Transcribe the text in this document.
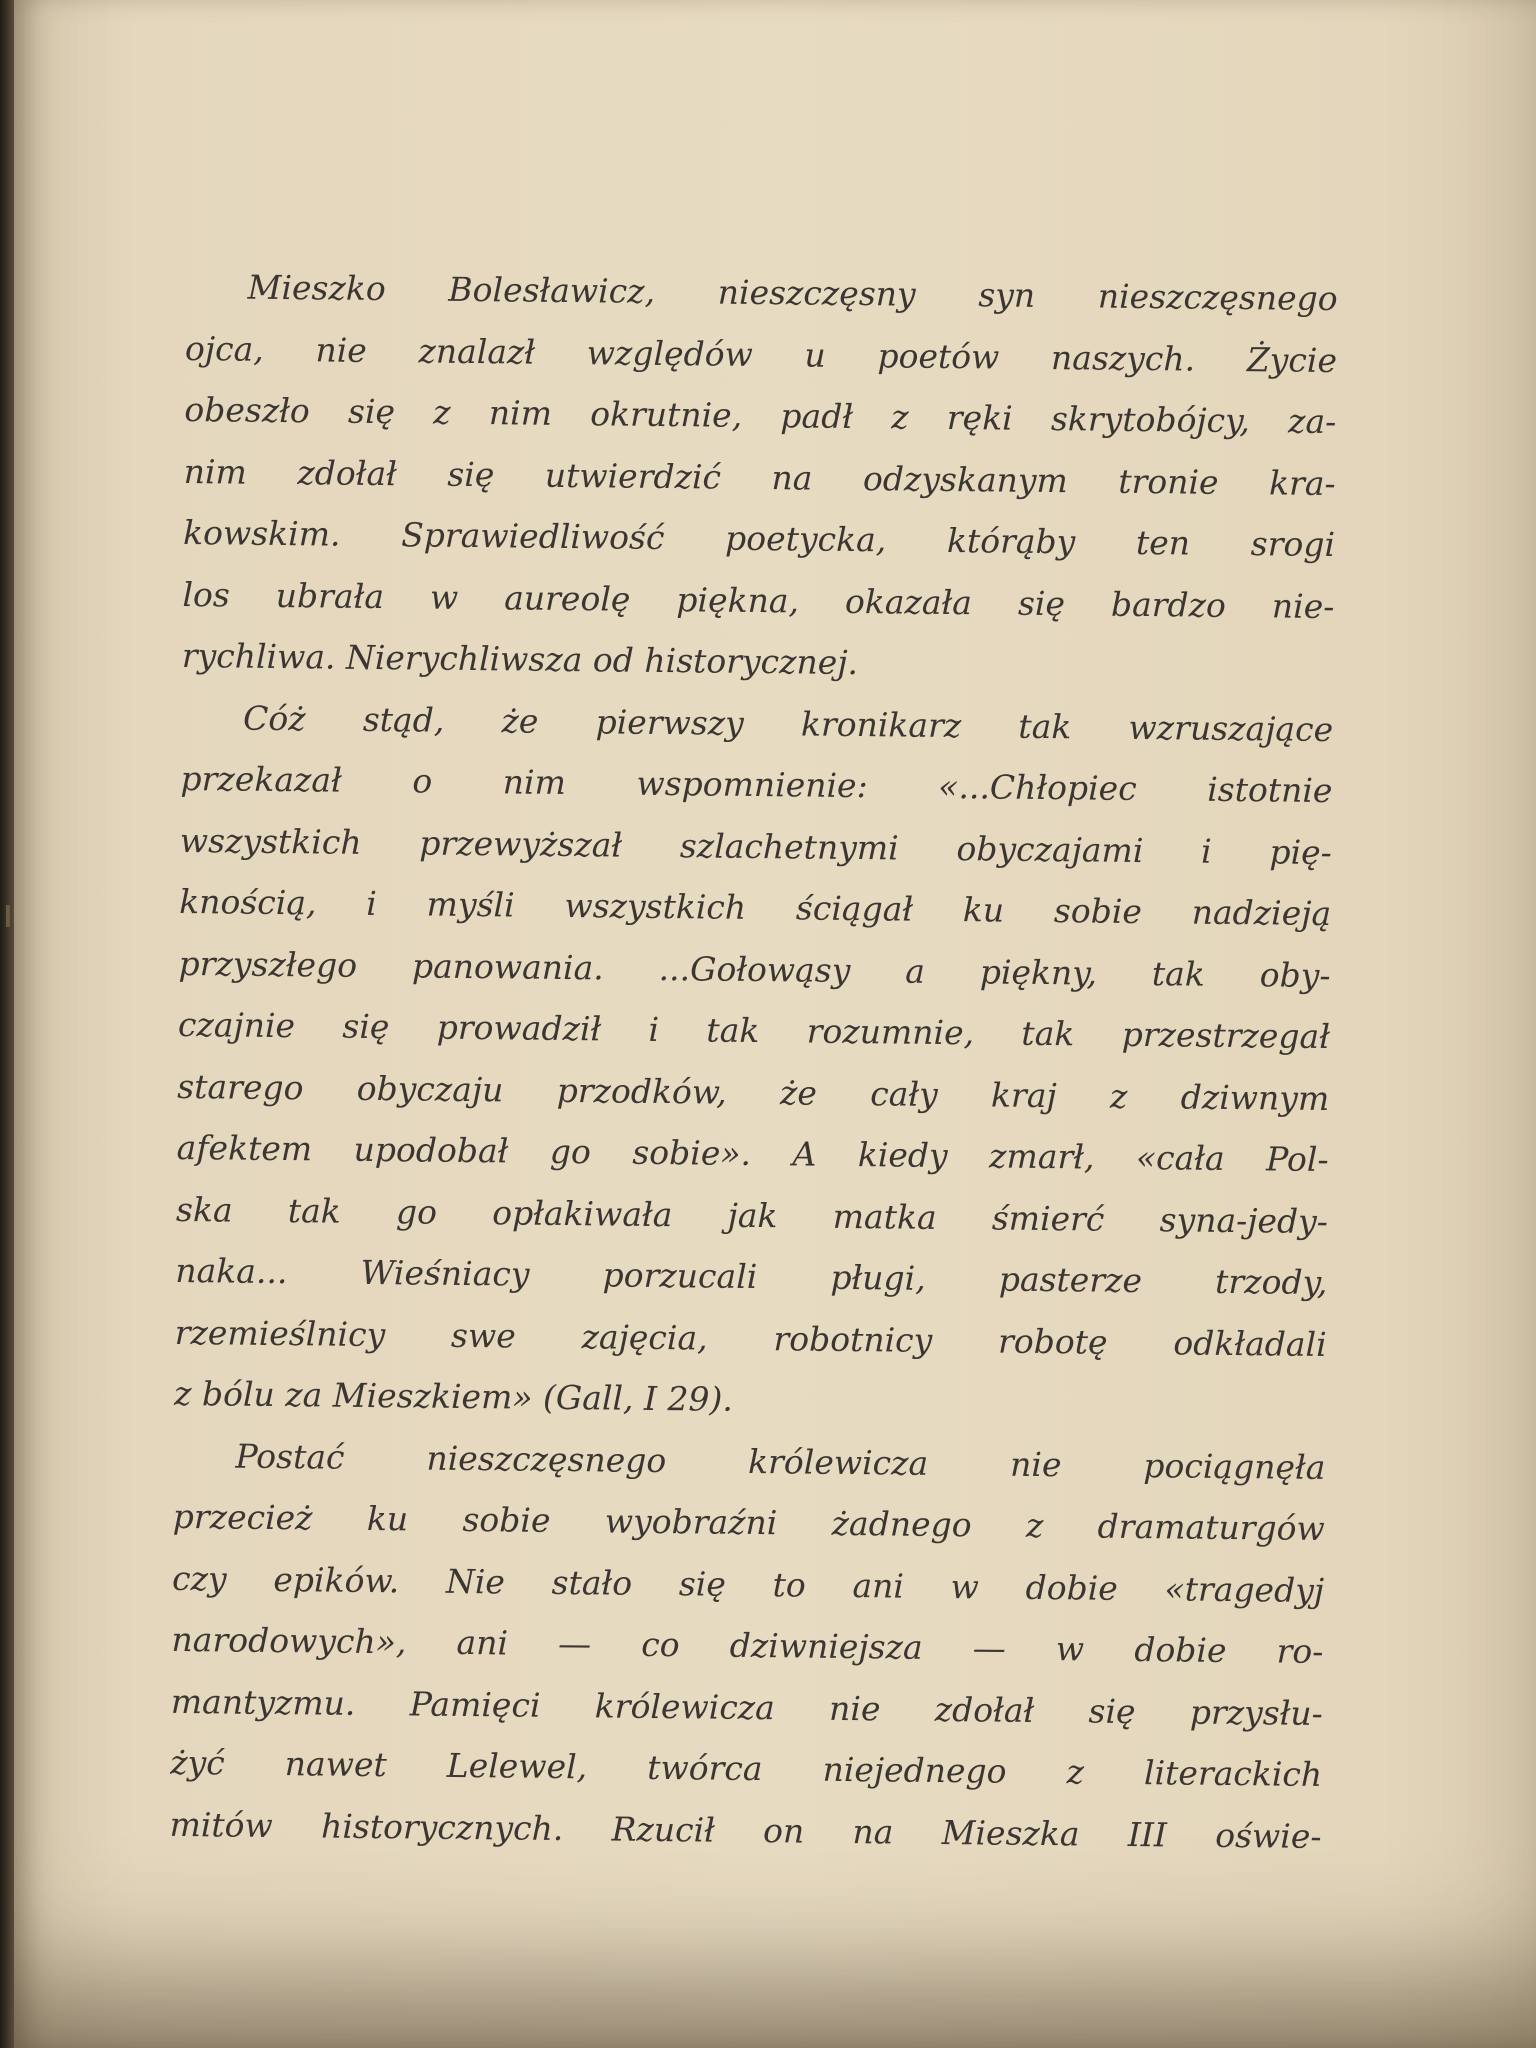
Mieszko Bolesławicz, nieszczęsny syn nieszczęsnego
ojca, nie znalazł względów u poetów naszych. Życie
obeszło się z nim okrutnie, padł z ręki skrytobójcy, za-
nim zdołał się utwierdzić na odzyskanym tronie kra-
kowskim. Sprawiedliwość poetycka, którąby ten srogi
los ubrała w aureolę piękna, okazała się bardzo nie-
rychliwa. Nierychliwsza od historycznej.
Cóż stąd, że pierwszy kronikarz tak wzruszające
przekazał o nim wspomnienie: «...Chłopiec istotnie
wszystkich przewyższał szlachetnymi obyczajami i pię-
knością, i myśli wszystkich ściągał ku sobie nadzieją
przyszłego panowania. ...Gołowąsy a piękny, tak oby-
czajnie się prowadził i tak rozumnie, tak przestrzegał
starego obyczaju przodków, że cały kraj z dziwnym
afektem upodobał go sobie». A kiedy zmarł, «cała Pol-
ska tak go opłakiwała jak matka śmierć syna-jedy-
naka... Wieśniacy porzucali pługi, pasterze trzody,
rzemieślnicy swe zajęcia, robotnicy robotę odkładali
z bólu za Mieszkiem» (Gall, I 29).
Postać nieszczęsnego królewicza nie pociągnęła
przecież ku sobie wyobraźni żadnego z dramaturgów
czy epików. Nie stało się to ani w dobie «tragedyj
narodowych», ani — co dziwniejsza — w dobie ro-
mantyzmu. Pamięci królewicza nie zdołał się przysłu-
żyć nawet Lelewel, twórca niejednego z literackich
mitów historycznych. Rzucił on na Mieszka III oświe-
